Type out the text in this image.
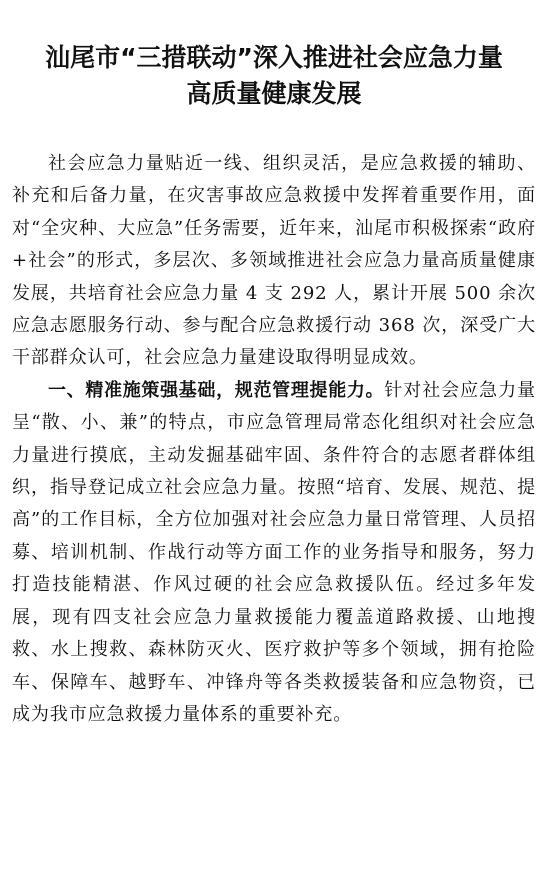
汕尾市“三措联动”深入推进社会应急力量
高质量健康发展

社会应急力量贴近一线、组织灵活，是应急救援的辅助、补充和后备力量，在灾害事故应急救援中发挥着重要作用，面对“全灾种、大应急”任务需要，近年来，汕尾市积极探索“政府+社会”的形式，多层次、多领域推进社会应急力量高质量健康发展，共培育社会应急力量 4 支 292 人，累计开展 500 余次应急志愿服务行动、参与配合应急救援行动 368 次，深受广大干部群众认可，社会应急力量建设取得明显成效。

一、精准施策强基础，规范管理提能力。针对社会应急力量呈“散、小、兼”的特点，市应急管理局常态化组织对社会应急力量进行摸底，主动发掘基础牢固、条件符合的志愿者群体组织，指导登记成立社会应急力量。按照“培育、发展、规范、提高”的工作目标，全方位加强对社会应急力量日常管理、人员招募、培训机制、作战行动等方面工作的业务指导和服务，努力打造技能精湛、作风过硬的社会应急救援队伍。经过多年发展，现有四支社会应急力量救援能力覆盖道路救援、山地搜救、水上搜救、森林防灭火、医疗救护等多个领域，拥有抢险车、保障车、越野车、冲锋舟等各类救援装备和应急物资，已成为我市应急救援力量体系的重要补充。
